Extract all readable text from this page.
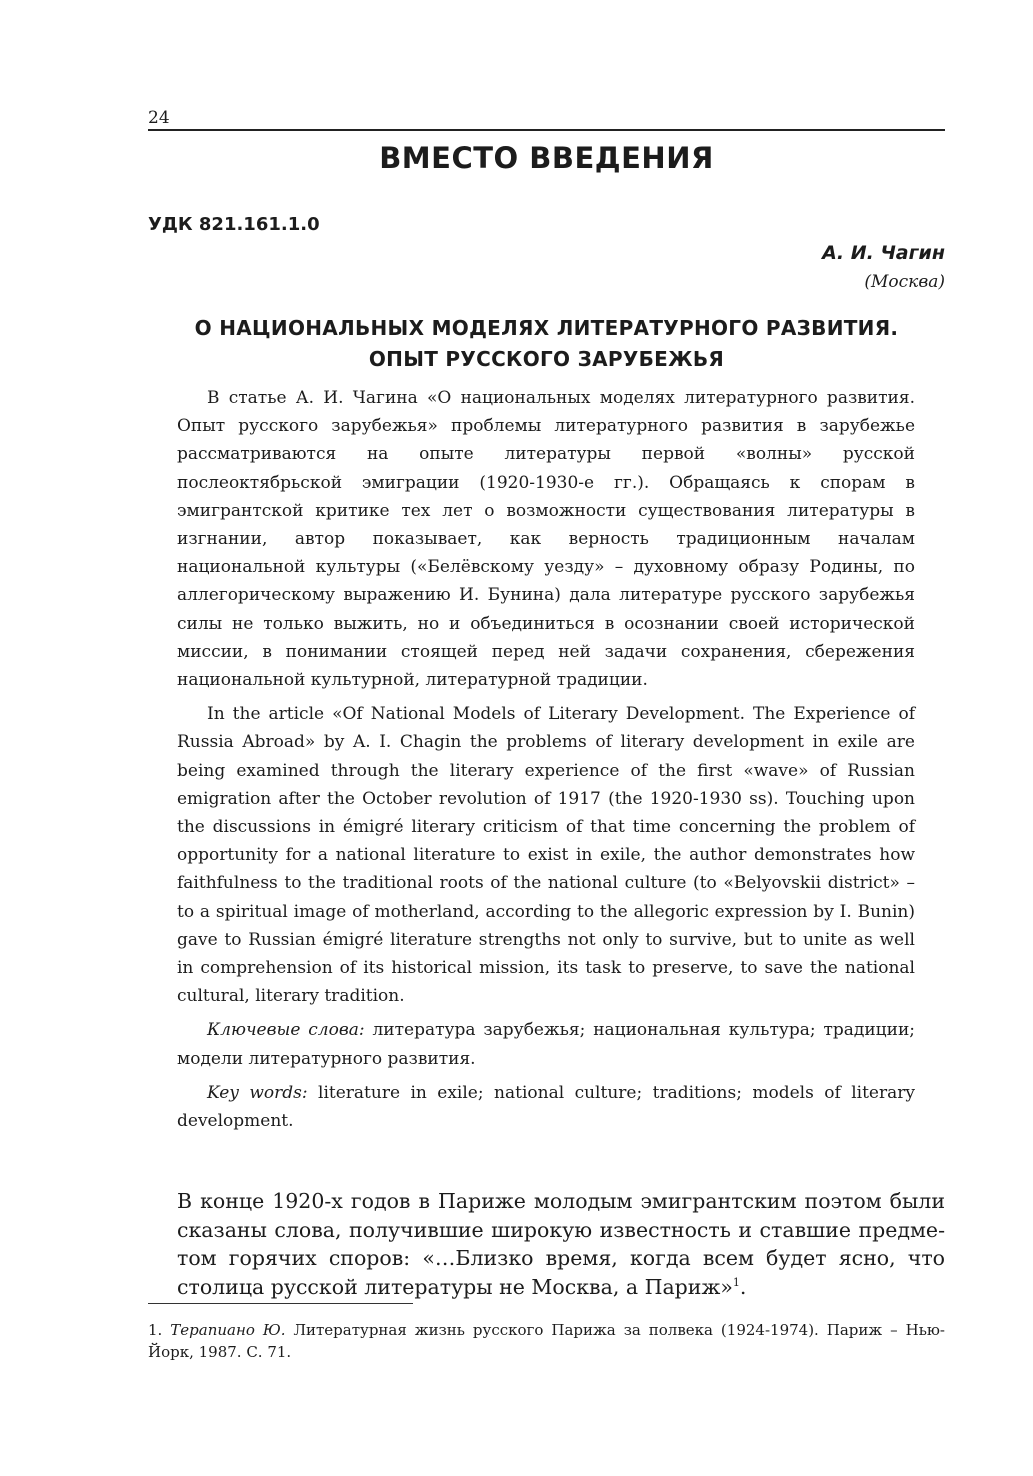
24
ВМЕСТО ВВЕДЕНИЯ
УДК 821.161.1.0
А. И. Чагин
(Москва)
О НАЦИОНАЛЬНЫХ МОДЕЛЯХ ЛИТЕРАТУРНОГО РАЗВИТИЯ.
ОПЫТ РУССКОГО ЗАРУБЕЖЬЯ

В статье А. И. Чагина «О национальных моделях литературного развития. Опыт русского зарубежья» проблемы литературного развития в зарубежье рассматриваются на опыте литературы первой «волны» русской послеоктябрьской эмиграции (1920-1930-е гг.). Обращаясь к спорам в эмигрантской критике тех лет о возможности существования литературы в изгнании, автор показывает, как верность традиционным началам национальной культуры («Белёвскому уезду» – духовному образу Родины, по аллегорическому выражению И. Бунина) дала литературе русского зарубежья силы не только выжить, но и объединиться в осознании своей исторической миссии, в понимании стоящей перед ней задачи сохранения, сбережения национальной культурной, литературной традиции.

In the article «Of National Models of Literary Development. The Experience of Russia Abroad» by A. I. Chagin the problems of literary development in exile are being examined through the literary experience of the first «wave» of Russian emigration after the October revolution of 1917 (the 1920-1930 ss). Touching upon the discussions in émigré literary criticism of that time concerning the problem of opportunity for a national literature to exist in exile, the author demonstrates how faithfulness to the traditional roots of the national culture (to «Belyovskii district» – to a spiritual image of motherland, according to the allegoric expression by I. Bunin) gave to Russian émigré literature strengths not only to survive, but to unite as well in comprehension of its historical mission, its task to preserve, to save the national cultural, literary tradition.

Ключевые слова: литература зарубежья; национальная культура; традиции; модели литературного развития.

Key words: literature in exile; national culture; traditions; models of literary development.

В конце 1920-х годов в Париже молодым эмигрантским поэтом были сказаны слова, получившие широкую известность и ставшие предметом горячих споров: «…Близко время, когда всем будет ясно, что столица русской литературы не Москва, а Париж»$^1$.

1. Терапиано Ю. Литературная жизнь русского Парижа за полвека (1924-1974). Париж – Нью-Йорк, 1987. С. 71.
